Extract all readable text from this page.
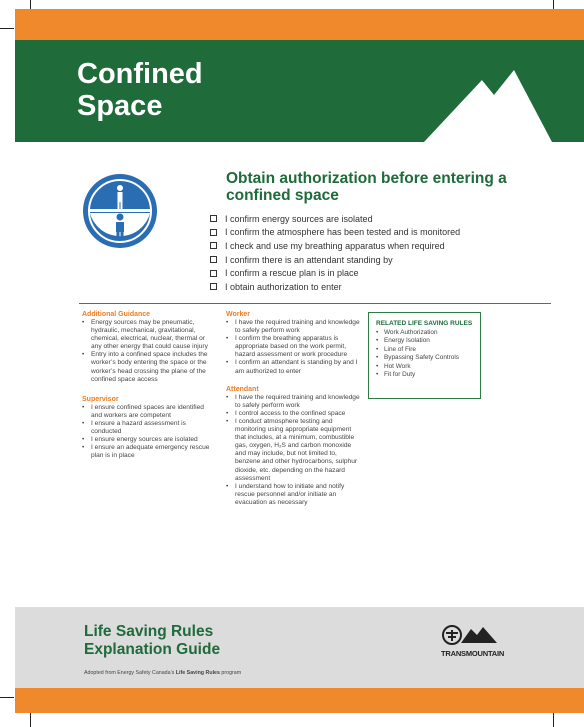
Confined
Space
Obtain authorization before entering a confined space
I confirm energy sources are isolated
I confirm the atmosphere has been tested and is monitored
I check and use my breathing apparatus when required
I confirm there is an attendant standing by
I confirm a rescue plan is in place
I obtain authorization to enter
Additional Guidance
• Energy sources may be pneumatic, hydraulic, mechanical, gravitational, chemical, electrical, nuclear, thermal or any other energy that could cause injury
• Entry into a confined space includes the worker’s body entering the space or the worker’s head crossing the plane of the confined space access
Supervisor
• I ensure confined spaces are identified and workers are competent
• I ensure a hazard assessment is conducted
• I ensure energy sources are isolated
• I ensure an adequate emergency rescue plan is in place
Worker
• I have the required training and knowledge to safely perform work
• I confirm the breathing apparatus is appropriate based on the work permit, hazard assessment or work procedure
• I confirm an attendant is standing by and I am authorized to enter
Attendant
• I have the required training and knowledge to safely perform work
• I control access to the confined space
• I conduct atmosphere testing and monitoring using appropriate equipment that includes, at a minimum, combustible gas, oxygen, H₂S and carbon monoxide and may include, but not limited to, benzene and other hydrocarbons, sulphur dioxide, etc. depending on the hazard assessment
• I understand how to initiate and notify rescue personnel and/or initiate an evacuation as necessary
RELATED LIFE SAVING RULES
• Work Authorization
• Energy Isolation
• Line of Fire
• Bypassing Safety Controls
• Hot Work
• Fit for Duty
Life Saving Rules
Explanation Guide
Adopted from Energy Safety Canada’s Life Saving Rules program
TRANSMOUNTAIN
